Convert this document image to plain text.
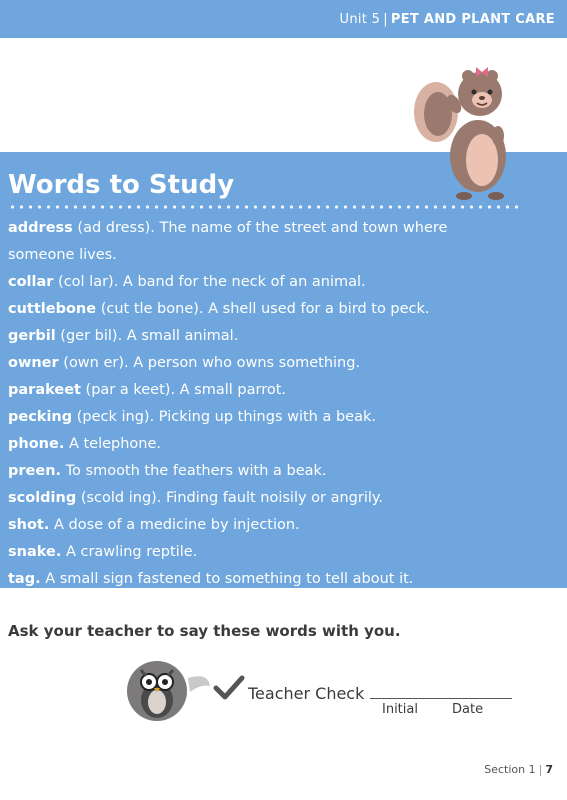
Unit 5 | PET AND PLANT CARE
Words to Study
address (ad dress). The name of the street and town where someone lives.
collar (col lar). A band for the neck of an animal.
cuttlebone (cut tle bone). A shell used for a bird to peck.
gerbil (ger bil). A small animal.
owner (own er). A person who owns something.
parakeet (par a keet). A small parrot.
pecking (peck ing). Picking up things with a beak.
phone. A telephone.
preen. To smooth the feathers with a beak.
scolding (scold ing). Finding fault noisily or angrily.
shot. A dose of a medicine by injection.
snake. A crawling reptile.
tag. A small sign fastened to something to tell about it.
Ask your teacher to say these words with you.
Teacher Check
Initial	Date
Section 1 | 7
